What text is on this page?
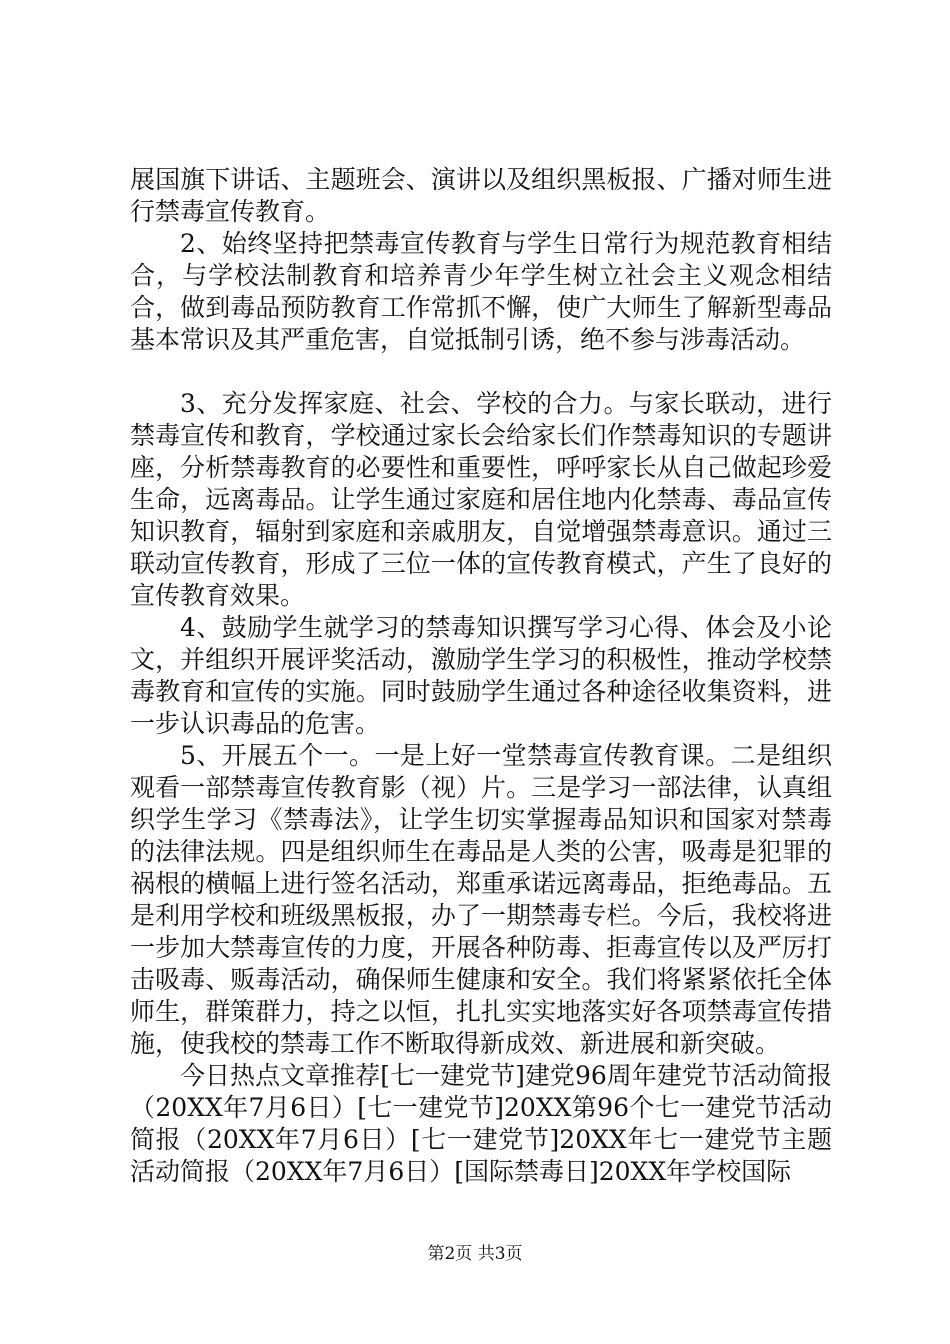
展国旗下讲话、主题班会、演讲以及组织黑板报、广播对师生进行禁毒宣传教育。

2、始终坚持把禁毒宣传教育与学生日常行为规范教育相结合，与学校法制教育和培养青少年学生树立社会主义观念相结合，做到毒品预防教育工作常抓不懈，使广大师生了解新型毒品基本常识及其严重危害，自觉抵制引诱，绝不参与涉毒活动。

3、充分发挥家庭、社会、学校的合力。与家长联动，进行禁毒宣传和教育，学校通过家长会给家长们作禁毒知识的专题讲座，分析禁毒教育的必要性和重要性，呼呼家长从自己做起珍爱生命，远离毒品。让学生通过家庭和居住地内化禁毒、毒品宣传知识教育，辐射到家庭和亲戚朋友，自觉增强禁毒意识。通过三联动宣传教育，形成了三位一体的宣传教育模式，产生了良好的宣传教育效果。

4、鼓励学生就学习的禁毒知识撰写学习心得、体会及小论文，并组织开展评奖活动，激励学生学习的积极性，推动学校禁毒教育和宣传的实施。同时鼓励学生通过各种途径收集资料，进一步认识毒品的危害。

5、开展五个一。一是上好一堂禁毒宣传教育课。二是组织观看一部禁毒宣传教育影（视）片。三是学习一部法律，认真组织学生学习《禁毒法》，让学生切实掌握毒品知识和国家对禁毒的法律法规。四是组织师生在毒品是人类的公害，吸毒是犯罪的祸根的横幅上进行签名活动，郑重承诺远离毒品，拒绝毒品。五是利用学校和班级黑板报，办了一期禁毒专栏。今后，我校将进一步加大禁毒宣传的力度，开展各种防毒、拒毒宣传以及严厉打击吸毒、贩毒活动，确保师生健康和安全。我们将紧紧依托全体师生，群策群力，持之以恒，扎扎实实地落实好各项禁毒宣传措施，使我校的禁毒工作不断取得新成效、新进展和新突破。

今日热点文章推荐[七一建党节]建党96周年建党节活动简报（20XX年7月6日）[七一建党节]20XX第96个七一建党节活动简报（20XX年7月6日）[七一建党节]20XX年七一建党节主题活动简报（20XX年7月6日）[国际禁毒日]20XX年学校国际

第2页 共3页
